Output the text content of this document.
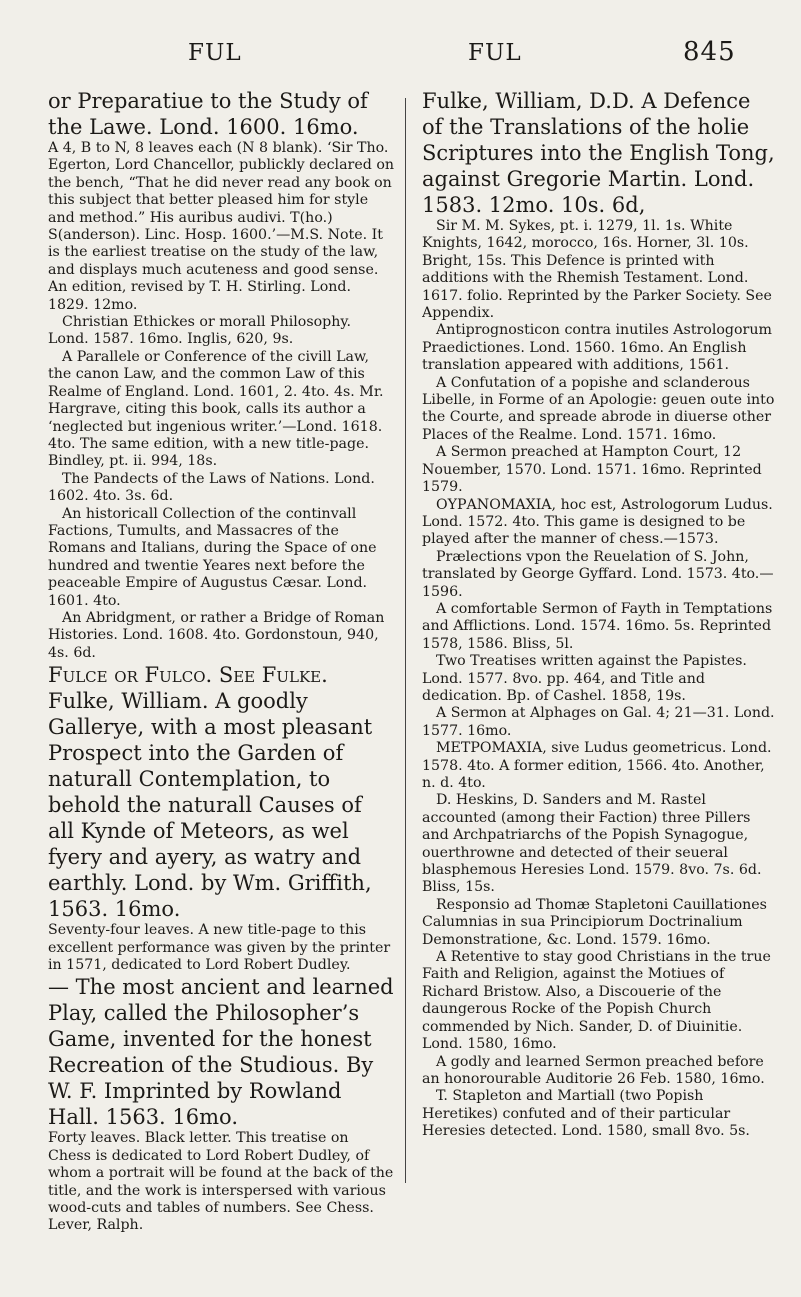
FUL	FUL	845

or Preparatiue to the Study of the Lawe. Lond. 1600. 16mo.
A 4, B to N, 8 leaves each (N 8 blank). ‘Sir Tho. Egerton, Lord Chancellor, publickly declared on the bench, “That he did never read any book on this subject that better pleased him for style and method.” His auribus audivi. T(ho.) S(anderson). Linc. Hosp. 1600.’—M.S. Note. It is the earliest treatise on the study of the law, and displays much acuteness and good sense. An edition, revised by T. H. Stirling. Lond. 1829. 12mo.

Christian Ethickes or morall Philosophy. Lond. 1587. 16mo. Inglis, 620, 9s.

A Parallele or Conference of the civill Law, the canon Law, and the common Law of this Realme of England. Lond. 1601, 2. 4to. 4s. Mr. Hargrave, citing this book, calls its author a ‘neglected but ingenious writer.’—Lond. 1618. 4to. The same edition, with a new title-page. Bindley, pt. ii. 994, 18s.

The Pandects of the Laws of Nations. Lond. 1602. 4to. 3s. 6d.

An historicall Collection of the continvall Factions, Tumults, and Massacres of the Romans and Italians, during the Space of one hundred and twentie Yeares next before the peaceable Empire of Augustus Cæsar. Lond. 1601. 4to.

An Abridgment, or rather a Bridge of Roman Histories. Lond. 1608. 4to. Gordonstoun, 940, 4s. 6d.

Fulce or Fulco. See Fulke.

Fulke, William. A goodly Gallerye, with a most pleasant Prospect into the Garden of naturall Contemplation, to behold the naturall Causes of all Kynde of Meteors, as wel fyery and ayery, as watry and earthly. Lond. by Wm. Griffith, 1563. 16mo.
Seventy-four leaves. A new title-page to this excellent performance was given by the printer in 1571, dedicated to Lord Robert Dudley.

— The most ancient and learned Play, called the Philosopher’s Game, invented for the honest Recreation of the Studious. By W. F. Imprinted by Rowland Hall. 1563. 16mo.
Forty leaves. Black letter. This treatise on Chess is dedicated to Lord Robert Dudley, of whom a portrait will be found at the back of the title, and the work is interspersed with various wood-cuts and tables of numbers. See Chess. Lever, Ralph.

Fulke, William, D.D. A Defence of the Translations of the holie Scriptures into the English Tong, against Gregorie Martin. Lond. 1583. 12mo. 10s. 6d,

Sir M. M. Sykes, pt. i. 1279, 1l. 1s. White Knights, 1642, morocco, 16s. Horner, 3l. 10s. Bright, 15s. This Defence is printed with additions with the Rhemish Testament. Lond. 1617. folio. Reprinted by the Parker Society. See Appendix.

Antiprognosticon contra inutiles Astrologorum Praedictiones. Lond. 1560. 16mo. An English translation appeared with additions, 1561.

A Confutation of a popishe and sclanderous Libelle, in Forme of an Apologie: geuen oute into the Courte, and spreade abrode in diuerse other Places of the Realme. Lond. 1571. 16mo.

A Sermon preached at Hampton Court, 12 Nouember, 1570. Lond. 1571. 16mo. Reprinted 1579.

ΟΥΡΑΝΟΜΑΧΙΑ, hoc est, Astrologorum Ludus. Lond. 1572. 4to. This game is designed to be played after the manner of chess.—1573.

Prælections vpon the Reuelation of S. John, translated by George Gyffard. Lond. 1573. 4to.—1596.

A comfortable Sermon of Fayth in Temptations and Afflictions. Lond. 1574. 16mo. 5s. Reprinted 1578, 1586. Bliss, 5l.

Two Treatises written against the Papistes. Lond. 1577. 8vo. pp. 464, and Title and dedication. Bp. of Cashel. 1858, 19s.

A Sermon at Alphages on Gal. 4; 21—31. Lond. 1577. 16mo.

ΜΕΤΡΟΜΑΧΙΑ, sive Ludus geometricus. Lond. 1578. 4to. A former edition, 1566. 4to. Another, n. d. 4to.

D. Heskins, D. Sanders and M. Rastel accounted (among their Faction) three Pillers and Archpatriarchs of the Popish Synagogue, ouerthrowne and detected of their seueral blasphemous Heresies Lond. 1579. 8vo. 7s. 6d. Bliss, 15s.

Responsio ad Thomæ Stapletoni Cauillationes Calumnias in sua Principiorum Doctrinalium Demonstratione, &c. Lond. 1579. 16mo.

A Retentive to stay good Christians in the true Faith and Religion, against the Motiues of Richard Bristow. Also, a Discouerie of the daungerous Rocke of the Popish Church commended by Nich. Sander, D. of Diuinitie. Lond. 1580, 16mo.

A godly and learned Sermon preached before an honorourable Auditorie 26 Feb. 1580, 16mo.

T. Stapleton and Martiall (two Popish Heretikes) confuted and of their particular Heresies detected. Lond. 1580, small 8vo. 5s.
